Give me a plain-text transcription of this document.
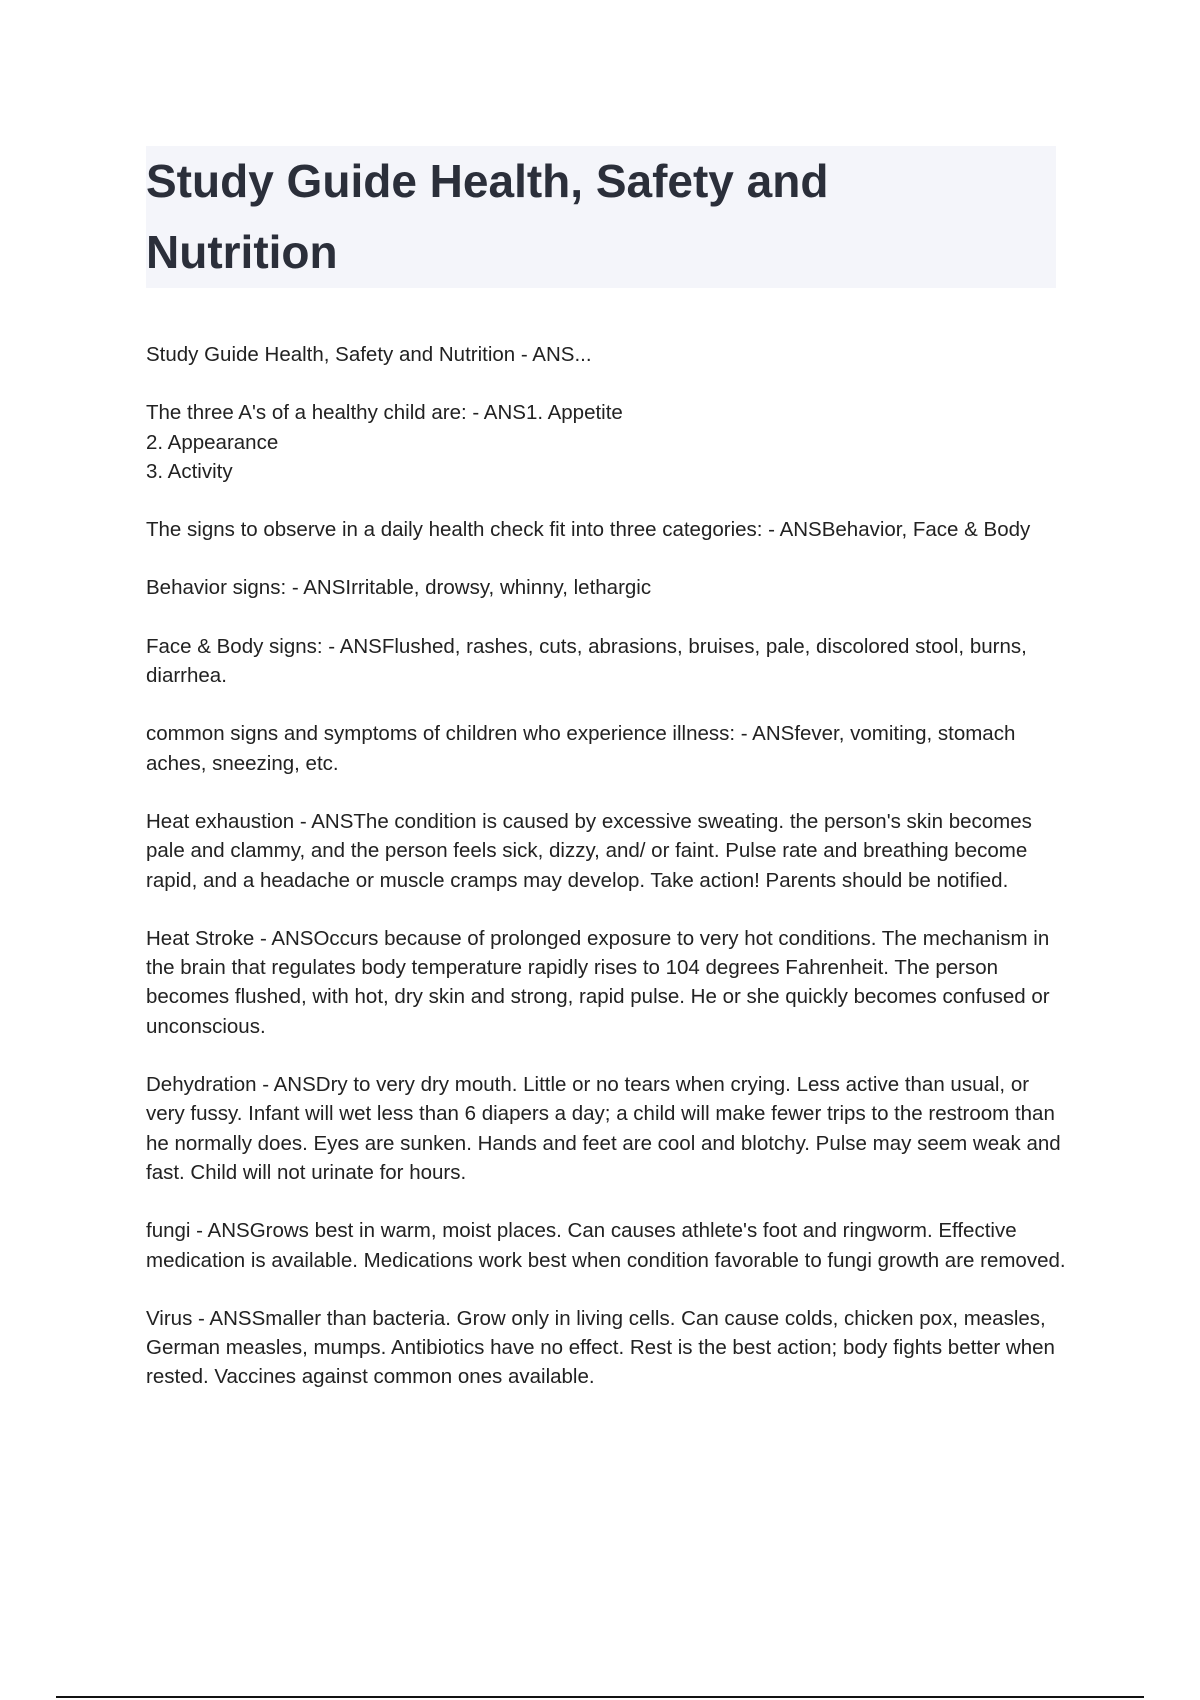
Study Guide Health, Safety and Nutrition

Study Guide Health, Safety and Nutrition - ANS...

The three A's of a healthy child are: - ANS1. Appetite
2. Appearance
3. Activity

The signs to observe in a daily health check fit into three categories: - ANSBehavior, Face & Body

Behavior signs: - ANSIrritable, drowsy, whinny, lethargic

Face & Body signs: - ANSFlushed, rashes, cuts, abrasions, bruises, pale, discolored stool, burns, diarrhea.

common signs and symptoms of children who experience illness: - ANSfever, vomiting, stomach aches, sneezing, etc.

Heat exhaustion - ANSThe condition is caused by excessive sweating. the person's skin becomes pale and clammy, and the person feels sick, dizzy, and/ or faint. Pulse rate and breathing become rapid, and a headache or muscle cramps may develop. Take action! Parents should be notified.

Heat Stroke - ANSOccurs because of prolonged exposure to very hot conditions. The mechanism in the brain that regulates body temperature rapidly rises to 104 degrees Fahrenheit. The person becomes flushed, with hot, dry skin and strong, rapid pulse. He or she quickly becomes confused or unconscious.

Dehydration - ANSDry to very dry mouth. Little or no tears when crying. Less active than usual, or very fussy. Infant will wet less than 6 diapers a day; a child will make fewer trips to the restroom than he normally does. Eyes are sunken. Hands and feet are cool and blotchy. Pulse may seem weak and fast. Child will not urinate for hours.

fungi - ANSGrows best in warm, moist places. Can causes athlete's foot and ringworm. Effective medication is available. Medications work best when condition favorable to fungi growth are removed.

Virus - ANSSmaller than bacteria. Grow only in living cells. Can cause colds, chicken pox, measles, German measles, mumps. Antibiotics have no effect. Rest is the best action; body fights better when rested. Vaccines against common ones available.
